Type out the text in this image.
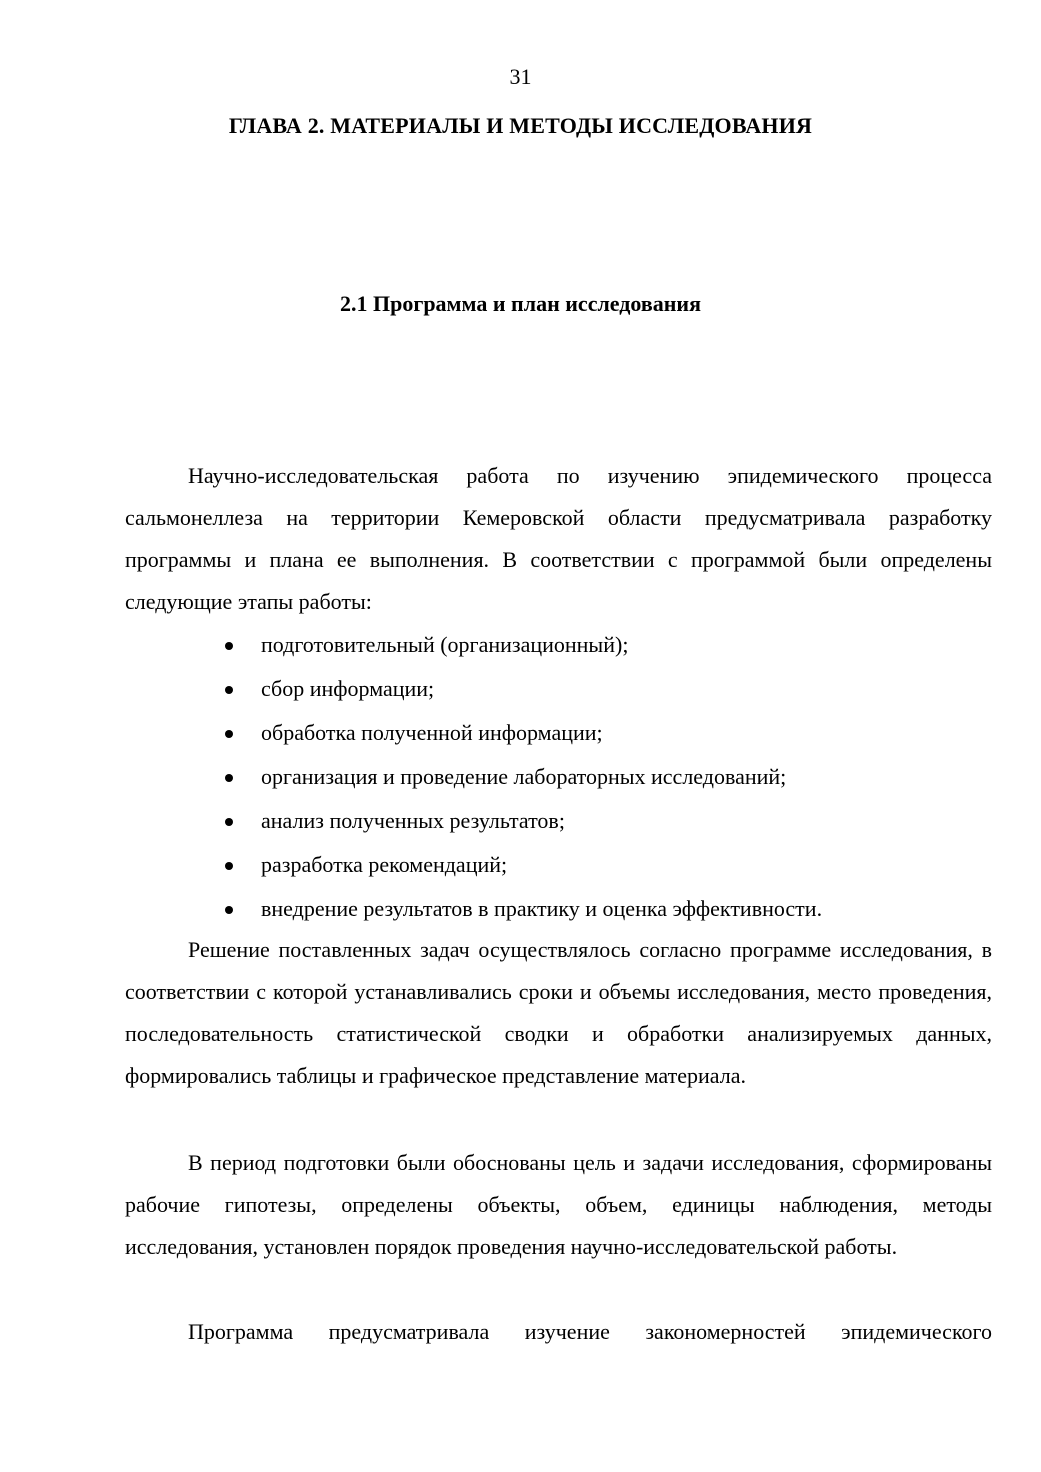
31
ГЛАВА 2. МАТЕРИАЛЫ И МЕТОДЫ ИССЛЕДОВАНИЯ
2.1 Программа и план исследования

Научно-исследовательская работа по изучению эпидемического процесса сальмонеллеза на территории Кемеровской области предусматривала разработку программы и плана ее выполнения. В соответствии с программой были определены следующие этапы работы:

подготовительный (организационный);
сбор информации;
обработка полученной информации;
организация и проведение лабораторных исследований;
анализ полученных результатов;
разработка рекомендаций;
внедрение результатов в практику и оценка эффективности.

Решение поставленных задач осуществлялось согласно программе исследования, в соответствии с которой устанавливались сроки и объемы исследования, место проведения, последовательность статистической сводки и обработки анализируемых данных, формировались таблицы и графическое представление материала.

В период подготовки были обоснованы цель и задачи исследования, сформированы рабочие гипотезы, определены объекты, объем, единицы наблюдения, методы исследования, установлен порядок проведения научно-исследовательской работы.

Программа предусматривала изучение закономерностей эпидемического
